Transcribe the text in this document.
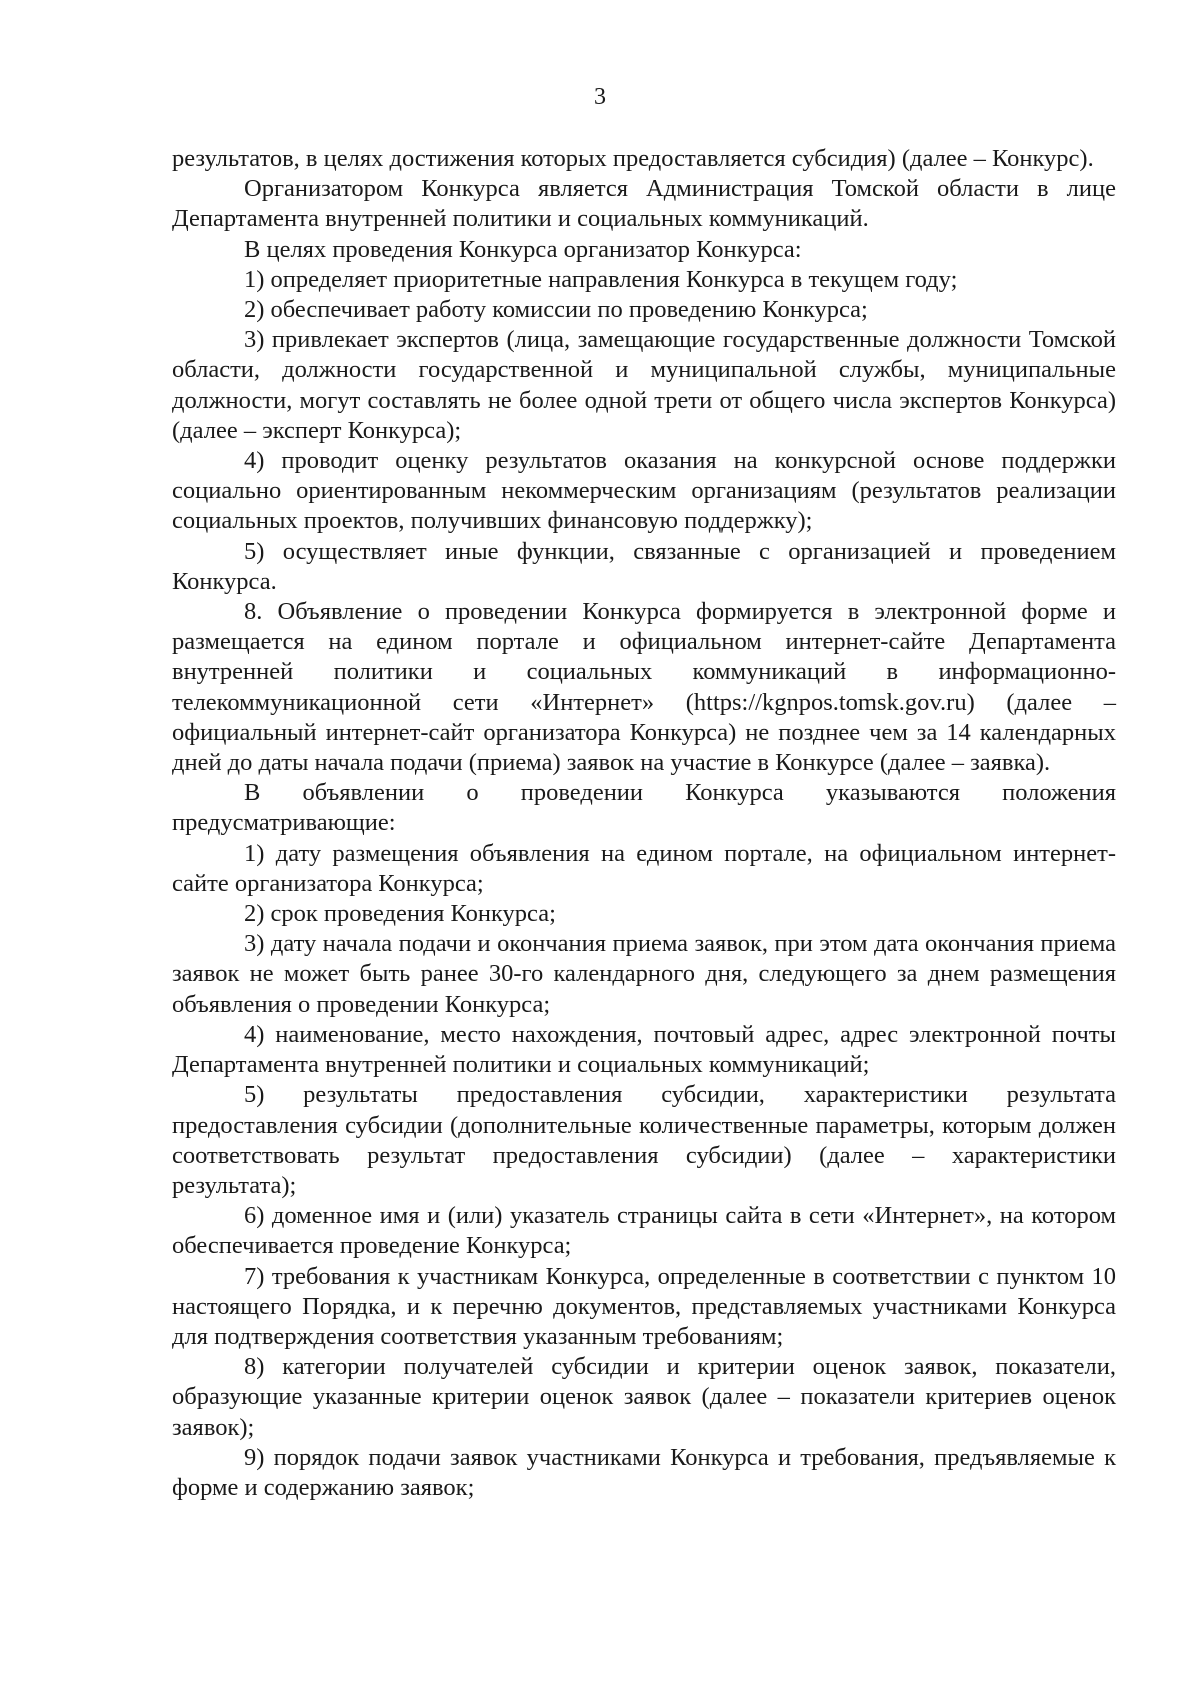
3

результатов, в целях достижения которых предоставляется субсидия) (далее – Конкурс).

Организатором Конкурса является Администрация Томской области в лице Департамента внутренней политики и социальных коммуникаций.

В целях проведения Конкурса организатор Конкурса:

1) определяет приоритетные направления Конкурса в текущем году;

2) обеспечивает работу комиссии по проведению Конкурса;

3) привлекает экспертов (лица, замещающие государственные должности Томской области, должности государственной и муниципальной службы, муниципальные должности, могут составлять не более одной трети от общего числа экспертов Конкурса) (далее – эксперт Конкурса);

4) проводит оценку результатов оказания на конкурсной основе поддержки социально ориентированным некоммерческим организациям (результатов реализации социальных проектов, получивших финансовую поддержку);

5) осуществляет иные функции, связанные с организацией и проведением Конкурса.

8. Объявление о проведении Конкурса формируется в электронной форме и размещается на едином портале и официальном интернет-сайте Департамента внутренней политики и социальных коммуникаций в информационно-телекоммуникационной сети «Интернет» (https://kgnpos.tomsk.gov.ru) (далее – официальный интернет-сайт организатора Конкурса) не позднее чем за 14 календарных дней до даты начала подачи (приема) заявок на участие в Конкурсе (далее – заявка).

В объявлении о проведении Конкурса указываются положения предусматривающие:

1) дату размещения объявления на едином портале, на официальном интернет-сайте организатора Конкурса;

2) срок проведения Конкурса;

3) дату начала подачи и окончания приема заявок, при этом дата окончания приема заявок не может быть ранее 30-го календарного дня, следующего за днем размещения объявления о проведении Конкурса;

4) наименование, место нахождения, почтовый адрес, адрес электронной почты Департамента внутренней политики и социальных коммуникаций;

5) результаты предоставления субсидии, характеристики результата предоставления субсидии (дополнительные количественные параметры, которым должен соответствовать результат предоставления субсидии) (далее – характеристики результата);

6) доменное имя и (или) указатель страницы сайта в сети «Интернет», на котором обеспечивается проведение Конкурса;

7) требования к участникам Конкурса, определенные в соответствии с пунктом 10 настоящего Порядка, и к перечню документов, представляемых участниками Конкурса для подтверждения соответствия указанным требованиям;

8) категории получателей субсидии и критерии оценок заявок, показатели, образующие указанные критерии оценок заявок (далее – показатели критериев оценок заявок);

9) порядок подачи заявок участниками Конкурса и требования, предъявляемые к форме и содержанию заявок;
